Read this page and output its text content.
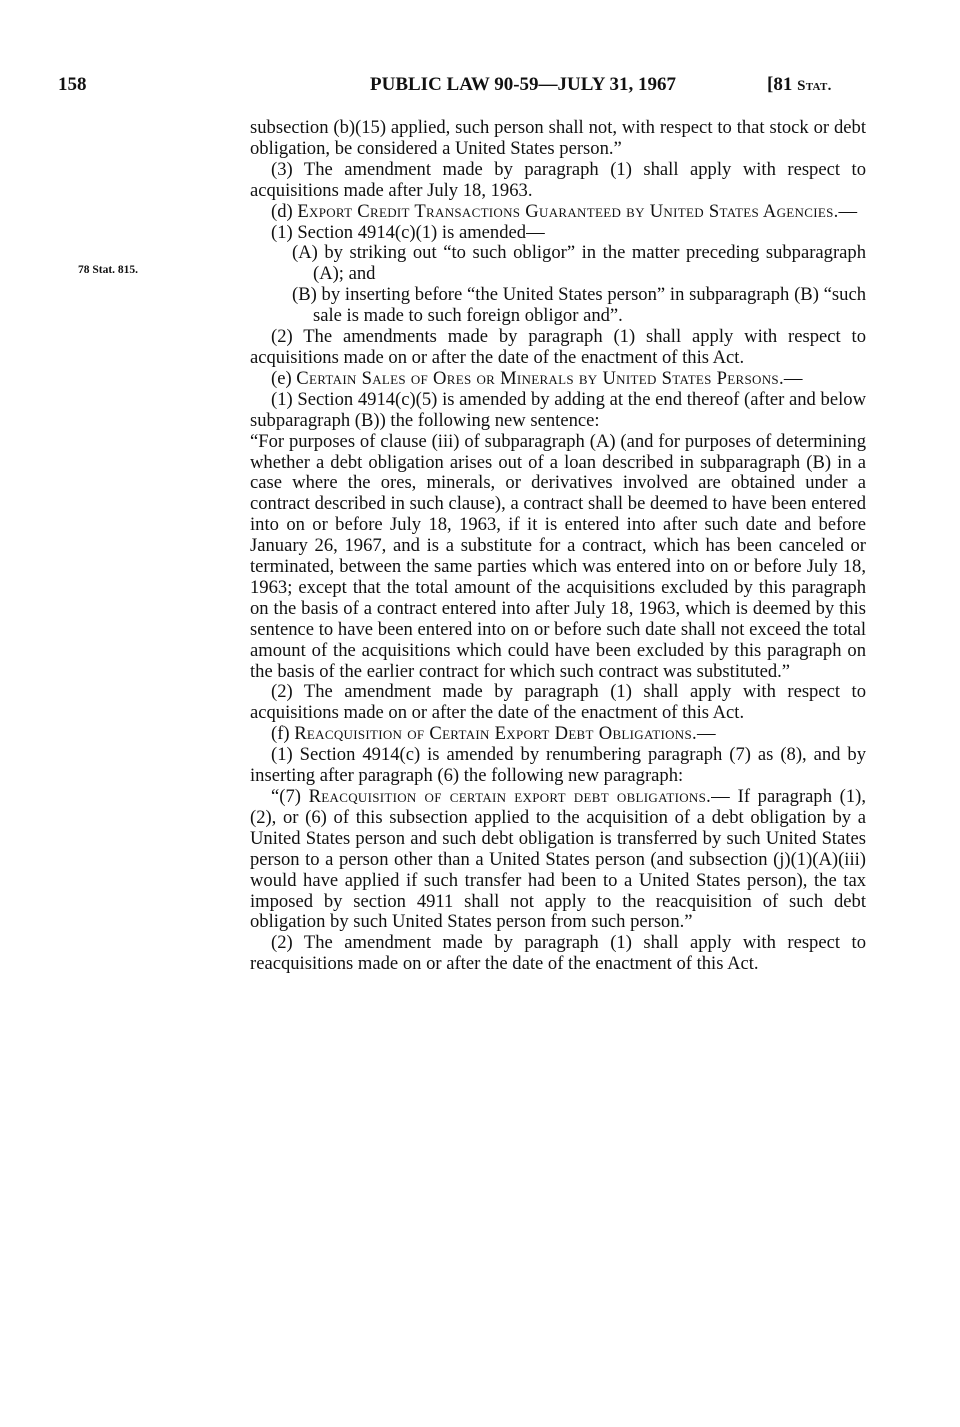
158	PUBLIC LAW 90-59—JULY 31, 1967	[81 Stat.
78 Stat. 815.

subsection (b)(15) applied, such person shall not, with respect to that stock or debt obligation, be considered a United States person.”

(3) The amendment made by paragraph (1) shall apply with respect to acquisitions made after July 18, 1963.

(d) Export Credit Transactions Guaranteed by United States Agencies.—

(1) Section 4914(c)(1) is amended—

(A) by striking out “to such obligor” in the matter preceding subparagraph (A); and

(B) by inserting before “the United States person” in subparagraph (B) “such sale is made to such foreign obligor and”.

(2) The amendments made by paragraph (1) shall apply with respect to acquisitions made on or after the date of the enactment of this Act.

(e) Certain Sales of Ores or Minerals by United States Persons.—

(1) Section 4914(c)(5) is amended by adding at the end thereof (after and below subparagraph (B)) the following new sentence:

“For purposes of clause (iii) of subparagraph (A) (and for purposes of determining whether a debt obligation arises out of a loan described in subparagraph (B) in a case where the ores, minerals, or derivatives involved are obtained under a contract described in such clause), a contract shall be deemed to have been entered into on or before July 18, 1963, if it is entered into after such date and before January 26, 1967, and is a substitute for a contract, which has been canceled or terminated, between the same parties which was entered into on or before July 18, 1963; except that the total amount of the acquisitions excluded by this paragraph on the basis of a contract entered into after July 18, 1963, which is deemed by this sentence to have been entered into on or before such date shall not exceed the total amount of the acquisitions which could have been excluded by this paragraph on the basis of the earlier contract for which such contract was substituted.”

(2) The amendment made by paragraph (1) shall apply with respect to acquisitions made on or after the date of the enactment of this Act.

(f) Reacquisition of Certain Export Debt Obligations.—

(1) Section 4914(c) is amended by renumbering paragraph (7) as (8), and by inserting after paragraph (6) the following new paragraph:

“(7) Reacquisition of certain export debt obligations.— If paragraph (1), (2), or (6) of this subsection applied to the acquisition of a debt obligation by a United States person and such debt obligation is transferred by such United States person to a person other than a United States person (and subsection (j)(1)(A)(iii) would have applied if such transfer had been to a United States person), the tax imposed by section 4911 shall not apply to the reacquisition of such debt obligation by such United States person from such person.”

(2) The amendment made by paragraph (1) shall apply with respect to reacquisitions made on or after the date of the enactment of this Act.
